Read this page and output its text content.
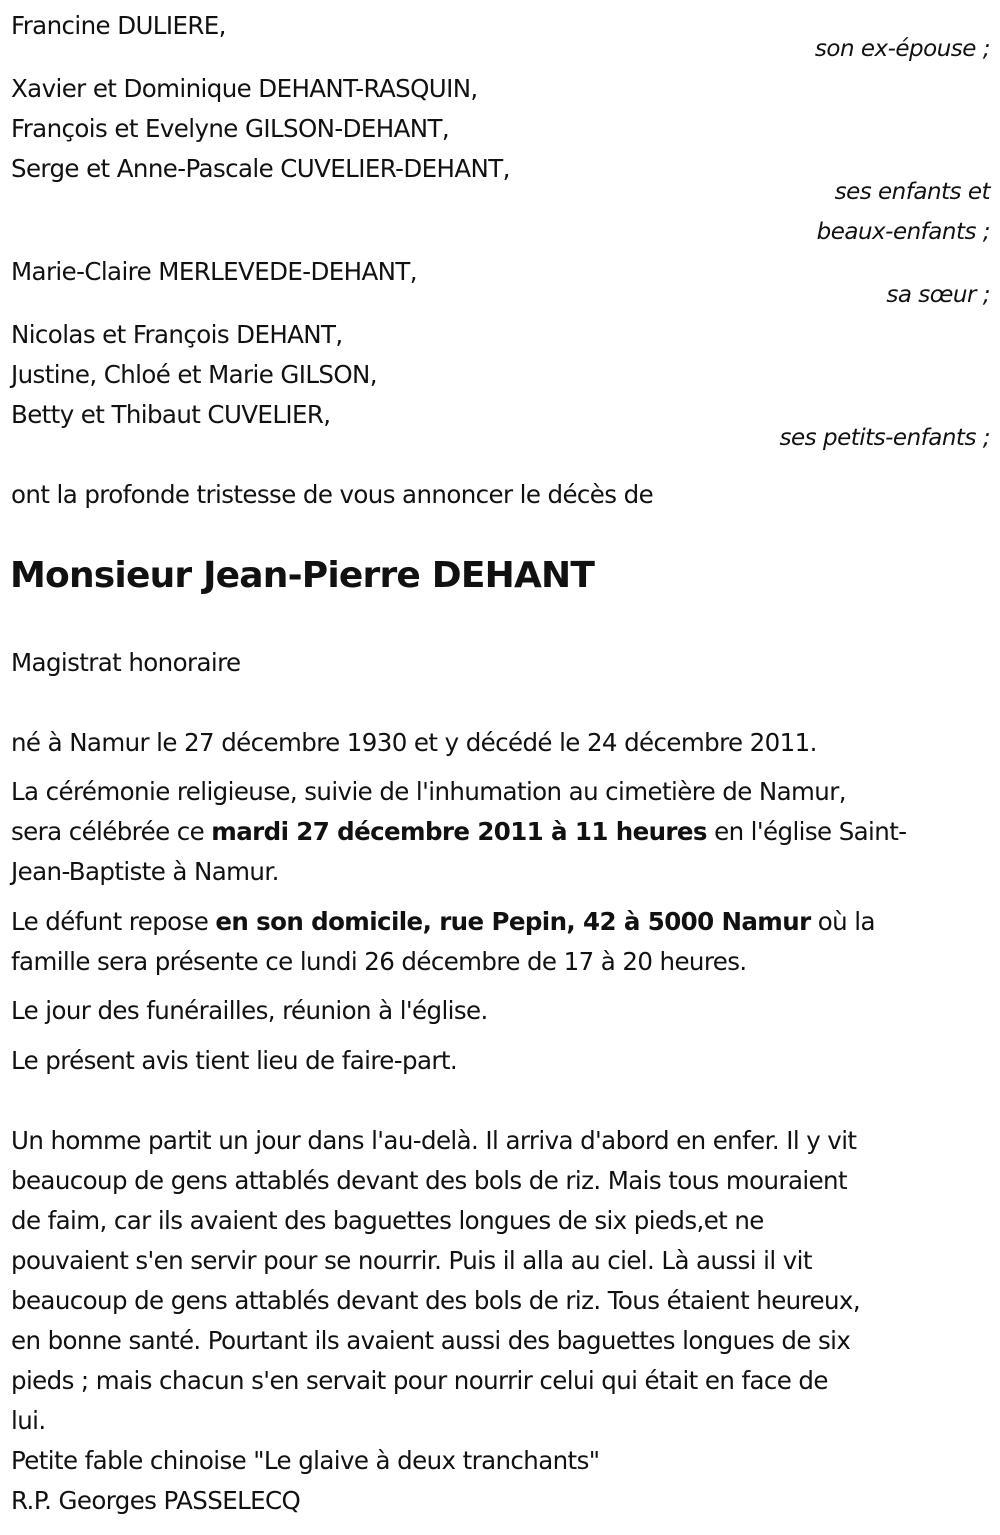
Francine DULIERE,
son ex-épouse ;
Xavier et Dominique DEHANT-RASQUIN,
François et Evelyne GILSON-DEHANT,
Serge et Anne-Pascale CUVELIER-DEHANT,
ses enfants et
beaux-enfants ;
Marie-Claire MERLEVEDE-DEHANT,
sa sœur ;
Nicolas et François DEHANT,
Justine, Chloé et Marie GILSON,
Betty et Thibaut CUVELIER,
ses petits-enfants ;
ont la profonde tristesse de vous annoncer le décès de
Monsieur Jean-Pierre DEHANT
Magistrat honoraire
né à Namur le 27 décembre 1930 et y décédé le 24 décembre 2011.
La cérémonie religieuse, suivie de l'inhumation au cimetière de Namur,
sera célébrée ce mardi 27 décembre 2011 à 11 heures en l'église Saint-
Jean-Baptiste à Namur.
Le défunt repose en son domicile, rue Pepin, 42 à 5000 Namur où la
famille sera présente ce lundi 26 décembre de 17 à 20 heures.
Le jour des funérailles, réunion à l'église.
Le présent avis tient lieu de faire-part.
Un homme partit un jour dans l'au-delà. Il arriva d'abord en enfer. Il y vit
beaucoup de gens attablés devant des bols de riz. Mais tous mouraient
de faim, car ils avaient des baguettes longues de six pieds,et ne
pouvaient s'en servir pour se nourrir. Puis il alla au ciel. Là aussi il vit
beaucoup de gens attablés devant des bols de riz. Tous étaient heureux,
en bonne santé. Pourtant ils avaient aussi des baguettes longues de six
pieds ; mais chacun s'en servait pour nourrir celui qui était en face de
lui.
Petite fable chinoise "Le glaive à deux tranchants"
R.P. Georges PASSELECQ
